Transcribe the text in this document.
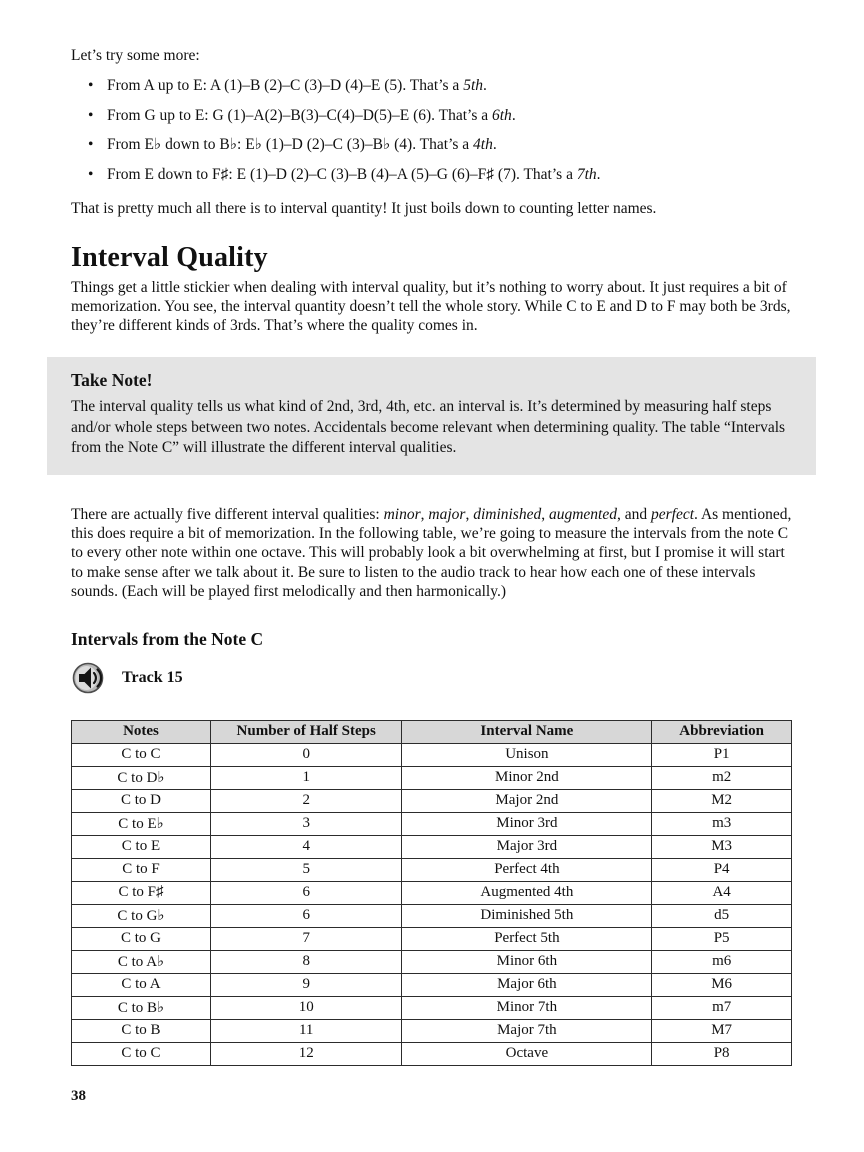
Let’s try some more:

• From A up to E: A (1)–B (2)–C (3)–D (4)–E (5). That’s a 5th.
• From G up to E: G (1)–A(2)–B(3)–C(4)–D(5)–E (6). That’s a 6th.
• From E♭ down to B♭: E♭ (1)–D (2)–C (3)–B♭ (4). That’s a 4th.
• From E down to F♯: E (1)–D (2)–C (3)–B (4)–A (5)–G (6)–F♯ (7). That’s a 7th.

That is pretty much all there is to interval quantity! It just boils down to counting letter names.

Interval Quality

Things get a little stickier when dealing with interval quality, but it’s nothing to worry about. It just requires a bit of memorization. You see, the interval quantity doesn’t tell the whole story. While C to E and D to F may both be 3rds, they’re different kinds of 3rds. That’s where the quality comes in.

Take Note!

The interval quality tells us what kind of 2nd, 3rd, 4th, etc. an interval is. It’s determined by measuring half steps and/or whole steps between two notes. Accidentals become relevant when determining quality. The table “Intervals from the Note C” will illustrate the different interval qualities.

There are actually five different interval qualities: minor, major, diminished, augmented, and perfect. As mentioned, this does require a bit of memorization. In the following table, we’re going to measure the intervals from the note C to every other note within one octave. This will probably look a bit overwhelming at first, but I promise it will start to make sense after we talk about it. Be sure to listen to the audio track to hear how each one of these intervals sounds. (Each will be played first melodically and then harmonically.)

Intervals from the Note C
Track 15
Notes	Number of Half Steps	Interval Name	Abbreviation
C to C	0	Unison	P1
C to D♭	1	Minor 2nd	m2
C to D	2	Major 2nd	M2
C to E♭	3	Minor 3rd	m3
C to E	4	Major 3rd	M3
C to F	5	Perfect 4th	P4
C to F♯	6	Augmented 4th	A4
C to G♭	6	Diminished 5th	d5
C to G	7	Perfect 5th	P5
C to A♭	8	Minor 6th	m6
C to A	9	Major 6th	M6
C to B♭	10	Minor 7th	m7
C to B	11	Major 7th	M7
C to C	12	Octave	P8
38
